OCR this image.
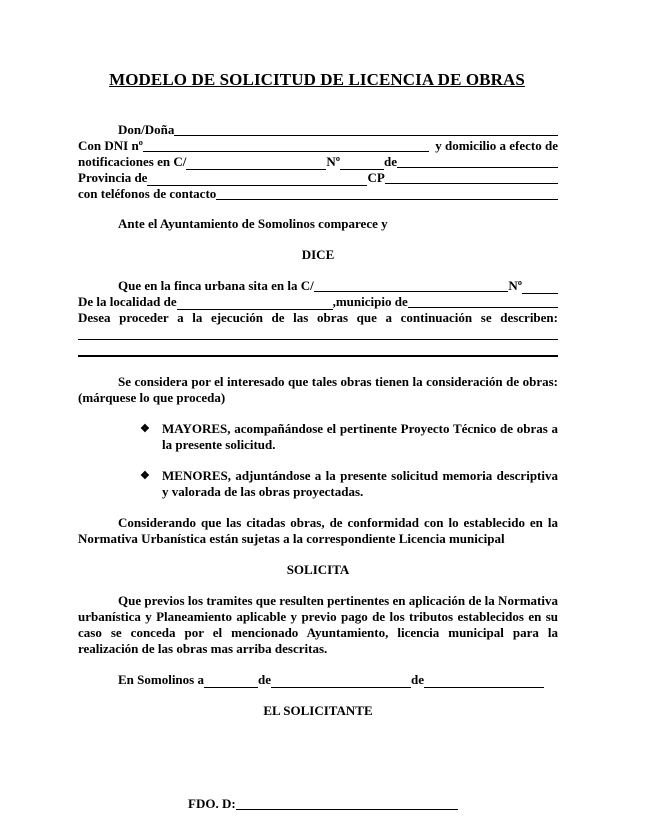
MODELO DE SOLICITUD DE LICENCIA DE OBRAS
Don/Doña
Con DNI nº	y domicilio a efecto de
notificaciones en C/	Nº	de
Provincia de	CP
con teléfonos de contacto
Ante el Ayuntamiento de Somolinos comparece y
DICE
Que en la finca urbana sita en la C/	Nº
De la localidad de	,municipio de
Desea proceder a la ejecución de las obras que a continuación se describen:
Se considera por el interesado que tales obras tienen la consideración de obras: (márquese lo que proceda)
❖ MAYORES, acompañándose el pertinente Proyecto Técnico de obras a la presente solicitud.
❖ MENORES, adjuntándose a la presente solicitud memoria descriptiva y valorada de las obras proyectadas.
Considerando que las citadas obras, de conformidad con lo establecido en la Normativa Urbanística están sujetas a la correspondiente Licencia municipal
SOLICITA
Que previos los tramites que resulten pertinentes en aplicación de la Normativa urbanística y Planeamiento aplicable y previo pago de los tributos establecidos en su caso se conceda por el mencionado Ayuntamiento, licencia municipal para la realización de las obras mas arriba descritas.
En Somolinos a	de	de
EL SOLICITANTE
FDO. D:
